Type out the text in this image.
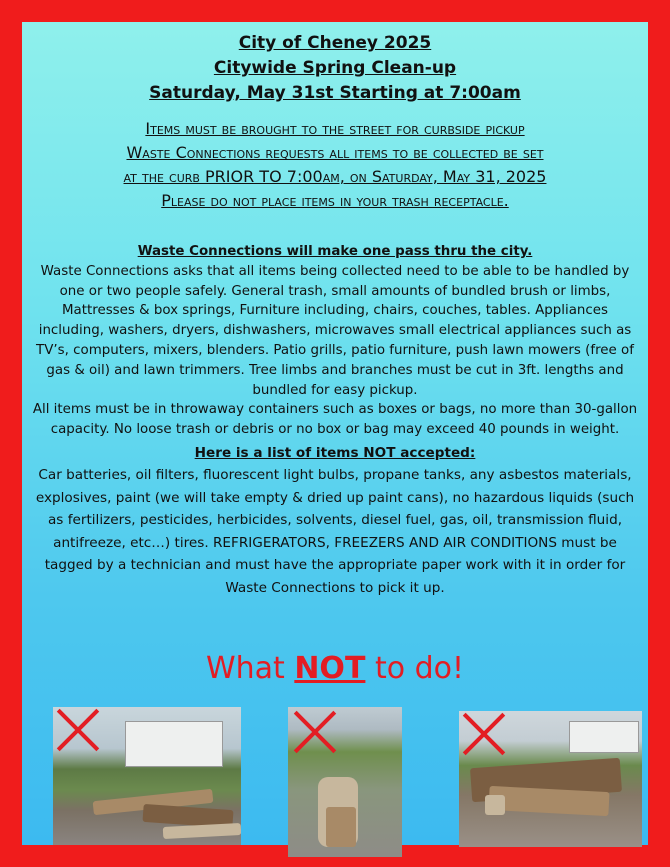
City of Cheney 2025

Citywide Spring Clean-up

Saturday, May 31st Starting at 7:00am

Items must be brought to the street for curbside pickup
Waste Connections requests all items to be collected be set
at the curb PRIOR TO 7:00am, on Saturday, May 31, 2025
Please do not place items in your trash receptacle.
Waste Connections will make one pass thru the city.
Waste Connections asks that all items being collected need to be able to be handled by one or two people safely. General trash, small amounts of bundled brush or limbs, Mattresses & box springs, Furniture including, chairs, couches, tables. Appliances including, washers, dryers, dishwashers, microwaves small electrical appliances such as TV’s, computers, mixers, blenders. Patio grills, patio furniture, push lawn mowers (free of gas & oil) and lawn trimmers. Tree limbs and branches must be cut in 3ft. lengths and bundled for easy pickup.
All items must be in throwaway containers such as boxes or bags, no more than 30-gallon capacity. No loose trash or debris or no box or bag may exceed 40 pounds in weight.
Here is a list of items NOT accepted:
Car batteries, oil filters, fluorescent light bulbs, propane tanks, any asbestos materials, explosives, paint (we will take empty & dried up paint cans), no hazardous liquids (such as fertilizers, pesticides, herbicides, solvents, diesel fuel, gas, oil, transmission fluid, antifreeze, etc…) tires. REFRIGERATORS, FREEZERS AND AIR CONDITIONS must be tagged by a technician and must have the appropriate paper work with it in order for Waste Connections to pick it up.
What NOT to do!
